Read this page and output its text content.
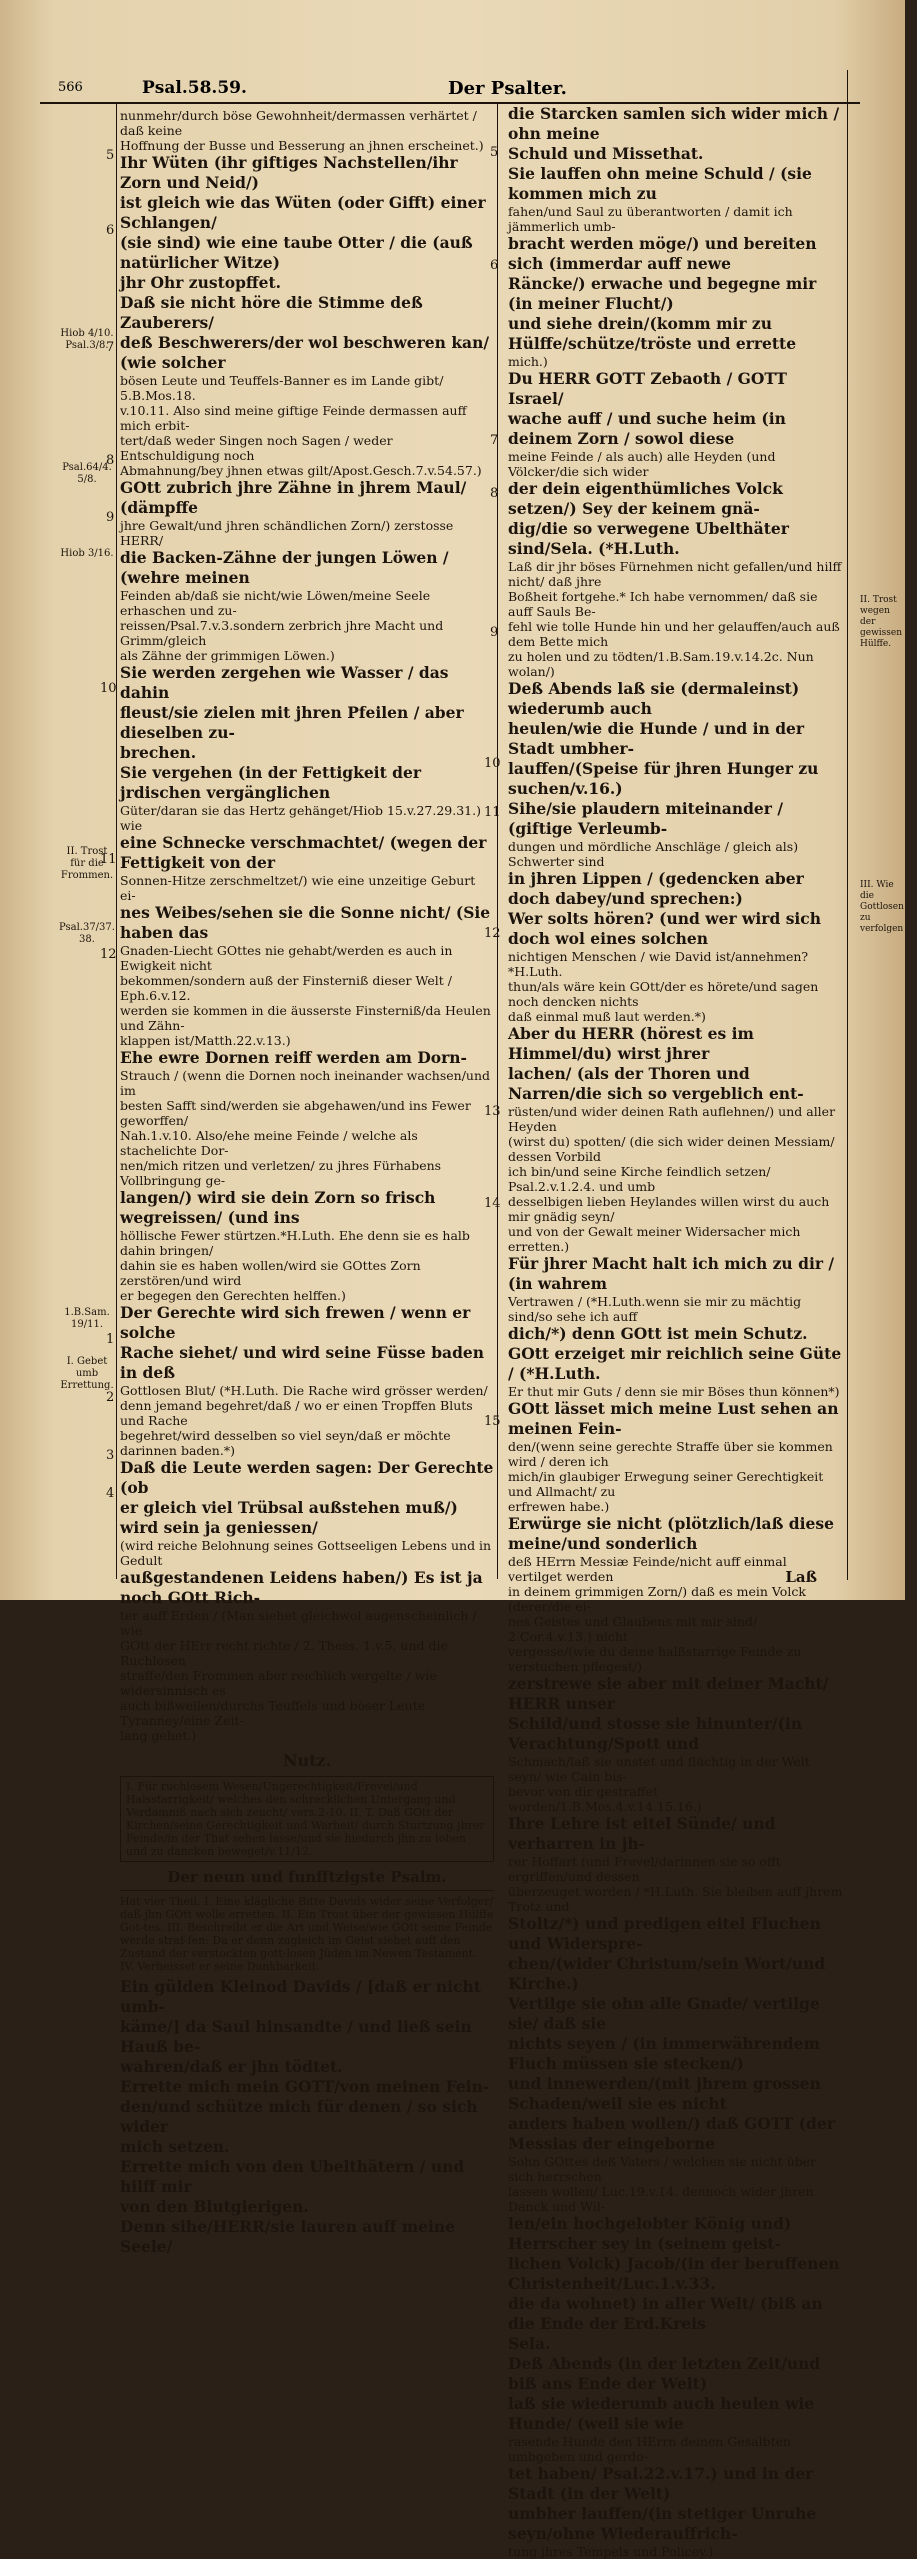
566	Psal.58.59.	Der Psalter.
Hiob 4/10. Psal.3/8.
Psal.64/4. 5/8.
Hiob 3/16.
II. Trost für die Frommen.
Psal.37/37. 38.
1.B.Sam. 19/11.
I. Gebet umb Errettung.
II. Trost wegen der gewissen Hülffe.
III. Wie die Gottlosen zu verfolgen
5
6
7
8
9
10
11
12
1
2
3
4

nunmehr/durch böse Gewohnheit/dermassen verhärtet / daß keine

Hoffnung der Busse und Besserung an jhnen erscheinet.)

Ihr Wüten (ihr giftiges Nachstellen/ihr Zorn und Neid/)

ist gleich wie das Wüten (oder Gifft) einer Schlangen/

(sie sind) wie eine taube Otter / die (auß natürlicher Witze)

jhr Ohr zustopffet.

Daß sie nicht höre die Stimme deß Zauberers/

deß Beschwerers/der wol beschweren kan/ (wie solcher

bösen Leute und Teuffels-Banner es im Lande gibt/ 5.B.Mos.18.

v.10.11. Also sind meine giftige Feinde dermassen auff mich erbit-

tert/daß weder Singen noch Sagen / weder Entschuldigung noch

Abmahnung/bey jhnen etwas gilt/Apost.Gesch.7.v.54.57.)

GOtt zubrich jhre Zähne in jhrem Maul/ (dämpffe

jhre Gewalt/und jhren schändlichen Zorn/) zerstosse HERR/

die Backen-Zähne der jungen Löwen / (wehre meinen

Feinden ab/daß sie nicht/wie Löwen/meine Seele erhaschen und zu-

reissen/Psal.7.v.3.sondern zerbrich jhre Macht und Grimm/gleich

als Zähne der grimmigen Löwen.)

Sie werden zergehen wie Wasser / das dahin

fleust/sie zielen mit jhren Pfeilen / aber dieselben zu-

brechen.

Sie vergehen (in der Fettigkeit der jrdischen vergänglichen

Güter/daran sie das Hertz gehänget/Hiob 15.v.27.29.31.) wie

eine Schnecke verschmachtet/ (wegen der Fettigkeit von der

Sonnen-Hitze zerschmeltzet/) wie eine unzeitige Geburt ei-

nes Weibes/sehen sie die Sonne nicht/ (Sie haben das

Gnaden-Liecht GOttes nie gehabt/werden es auch in Ewigkeit nicht

bekommen/sondern auß der Finsterniß dieser Welt / Eph.6.v.12.

werden sie kommen in die äusserste Finsterniß/da Heulen und Zähn-

klappen ist/Matth.22.v.13.)

Ehe ewre Dornen reiff werden am Dorn-

Strauch / (wenn die Dornen noch ineinander wachsen/und im

besten Safft sind/werden sie abgehawen/und ins Fewer geworffen/

Nah.1.v.10. Also/ehe meine Feinde / welche als stachelichte Dor-

nen/mich ritzen und verletzen/ zu jhres Fürhabens Vollbringung ge-

langen/) wird sie dein Zorn so frisch wegreissen/ (und ins

höllische Fewer stürtzen.*H.Luth. Ehe denn sie es halb dahin bringen/

dahin sie es haben wollen/wird sie GOttes Zorn zerstören/und wird

er begegen den Gerechten helffen.)

Der Gerechte wird sich frewen / wenn er solche

Rache siehet/ und wird seine Füsse baden in deß

Gottlosen Blut/ (*H.Luth. Die Rache wird grösser werden/

denn jemand begehret/daß / wo er einen Tropffen Bluts und Rache

begehret/wird desselben so viel seyn/daß er möchte darinnen baden.*)

Daß die Leute werden sagen: Der Gerechte (ob

er gleich viel Trübsal außstehen muß/) wird sein ja geniessen/

(wird reiche Belohnung seines Gottseeligen Lebens und in Gedult

außgestandenen Leidens haben/) Es ist ja noch GOtt Rich-

ter auff Erden / (Man siehet gleichwol augenscheinlich / wie

GOtt der HErr recht richte / 2. Thess. 1.v.5. und die Ruchlosen

straffe/den Frommen aber reichlich vergelte / wie widersinnisch es

auch bißweilen/durchs Teuffels und böser Leute Tyranney/eine Zeit-

lang gehet.)

Nutz.
I. Für ruchlosem Wesen/Ungerechtigkeit/Frevel/und Halsstarrigkeit/ welches den schrecklichen Untergang und Verdamniß nach sich zeucht/ vers.2-10. II. T. Daß GOtt der Kirchen/seine Gerechtigkeit und Warheit/ durch Stürtzung jhrer Feinde/in der That sehen lasse/und sie hiedurch jhn zu loben und zu dancken beweget/v.11/12.
Der neun und funfftzigste Psalm.
Hat vier Theil. I. Eine klägliche Bitte Davids wider seine Verfolger/ daß jhn GOtt wolle erretten. II. Ein Trost über der gewissen Hülffe Got-tes. III. Beschreibt er die Art und Weise/wie GOtt seine Feinde werde straf-fen: Da er denn zugleich im Geist siehet auff den Zustand der verstockten gott-losen Jüden im Newen Testament. IV. Verheisset er seine Dankbarkeit.

Ein gülden Kleinod Davids / [daß er nicht umb-

käme/] da Saul hinsandte / und ließ sein Hauß be-

wahren/daß er jhn tödtet.

Errette mich mein GOTT/von meinen Fein-

den/und schütze mich für denen / so sich wider

mich setzen.

Errette mich von den Ubelthätern / und hilff mir

von den Blutgierigen.

Denn sihe/HERR/sie lauren auff meine Seele/

5
6
7
8
9
10
11
12
13
14
15

die Starcken samlen sich wider mich / ohn meine

Schuld und Missethat.

Sie lauffen ohn meine Schuld / (sie kommen mich zu

fahen/und Saul zu überantworten / damit ich jämmerlich umb-

bracht werden möge/) und bereiten sich (immerdar auff newe

Räncke/) erwache und begegne mir (in meiner Flucht/)

und siehe drein/(komm mir zu Hülffe/schütze/tröste und errette

mich.)

Du HERR GOTT Zebaoth / GOTT Israel/

wache auff / und suche heim (in deinem Zorn / sowol diese

meine Feinde / als auch) alle Heyden (und Völcker/die sich wider

der dein eigenthümliches Volck setzen/) Sey der keinem gnä-

dig/die so verwegene Ubelthäter sind/Sela. (*H.Luth.

Laß dir jhr böses Fürnehmen nicht gefallen/und hilff nicht/ daß jhre

Boßheit fortgehe.* Ich habe vernommen/ daß sie auff Sauls Be-

fehl wie tolle Hunde hin und her gelauffen/auch auß dem Bette mich

zu holen und zu tödten/1.B.Sam.19.v.14.2c. Nun wolan/)

Deß Abends laß sie (dermaleinst) wiederumb auch

heulen/wie die Hunde / und in der Stadt umbher-

lauffen/(Speise für jhren Hunger zu suchen/v.16.)

Sihe/sie plaudern miteinander / (giftige Verleumb-

dungen und mördliche Anschläge / gleich als) Schwerter sind

in jhren Lippen / (gedencken aber doch dabey/und sprechen:)

Wer solts hören? (und wer wird sich doch wol eines solchen

nichtigen Menschen / wie David ist/annehmen? *H.Luth.

thun/als wäre kein GOtt/der es hörete/und sagen noch dencken nichts

daß einmal muß laut werden.*)

Aber du HERR (hörest es im Himmel/du) wirst jhrer

lachen/ (als der Thoren und Narren/die sich so vergeblich ent-

rüsten/und wider deinen Rath auflehnen/) und aller Heyden

(wirst du) spotten/ (die sich wider deinen Messiam/ dessen Vorbild

ich bin/und seine Kirche feindlich setzen/ Psal.2.v.1.2.4. und umb

desselbigen lieben Heylandes willen wirst du auch mir gnädig seyn/

und von der Gewalt meiner Widersacher mich erretten.)

Für jhrer Macht halt ich mich zu dir / (in wahrem

Vertrawen / (*H.Luth.wenn sie mir zu mächtig sind/so sehe ich auff

dich/*) denn GOtt ist mein Schutz.

GOtt erzeiget mir reichlich seine Güte / (*H.Luth.

Er thut mir Guts / denn sie mir Böses thun können*)

GOtt lässet mich meine Lust sehen an meinen Fein-

den/(wenn seine gerechte Straffe über sie kommen wird / deren ich

mich/in glaubiger Erwegung seiner Gerechtigkeit und Allmacht/ zu

erfrewen habe.)

Erwürge sie nicht (plötzlich/laß diese meine/und sonderlich

deß HErrn Messiæ Feinde/nicht auff einmal vertilget werden

in deinem grimmigen Zorn/) daß es mein Volck (derer/die ei-

nes Geistes und Glaubens mit mir sind/ 2.Cor.4.v.13.) nicht

vergesse/(wie du deine halßstarrige Feinde zu verstuchen pflegest/)

zerstrewe sie aber mit deiner Macht/ HERR unser

Schild/und stosse sie hinunter/(in Verachtung/Spott und

Schmach/laß sie unstet und flüchtig in der Welt seyn/ wie Cain bis-

bevor von dir gestraffet worden/1.B.Mos.4.v.14.15.16.)

Ihre Lehre ist eitel Sünde/ und verharren in jh-

rer Hoffart (und Frevel/darinnen sie so offt ergriffen/und dessen

überzeuget worden / *H.Luth. Sie bleiben auff jhrem Trotz und

Stoltz/*) und predigen eitel Fluchen und Widerspre-

chen/(wider Christum/sein Wort/und Kirche.)

Vertilge sie ohn alle Gnade/ vertilge sie/ daß sie

nichts seyen / (in immerwährendem Fluch müssen sie stecken/)

und innewerden/(mit jhrem grossen Schaden/weil sie es nicht

anders haben wollen/) daß GOTT (der Messias der eingeborne

Sohn GOttes deß Vaters / welchen sie nicht über sich herrschen

lassen wollen/ Luc.19.v.14. dennoch wider jhren Danck und Wil-

len/ein hochgelobter König und) Herrscher sey in (seinem geist-

lichen Volck) Jacob/(in der beruffenen Christenheit/Luc.1.v.33.

die da wohnet) in aller Welt/ (biß an die Ende der Erd.Kreis

Sela.

Deß Abends (in der letzten Zeit/und biß ans Ende der Welt)

laß sie wiederumb auch heulen wie Hunde/ (weil sie wie

rasende Hunde den HErrn deinen Gesalbten umbgeben und gerdo-

tet haben/ Psal.22.v.17.) und in der Stadt (in der Welt)

umbher lauffen/(in stetiger Unruhe seyn/ohne Wiederauffrich-

tung jhres Tempels und Policey.)

Laß
